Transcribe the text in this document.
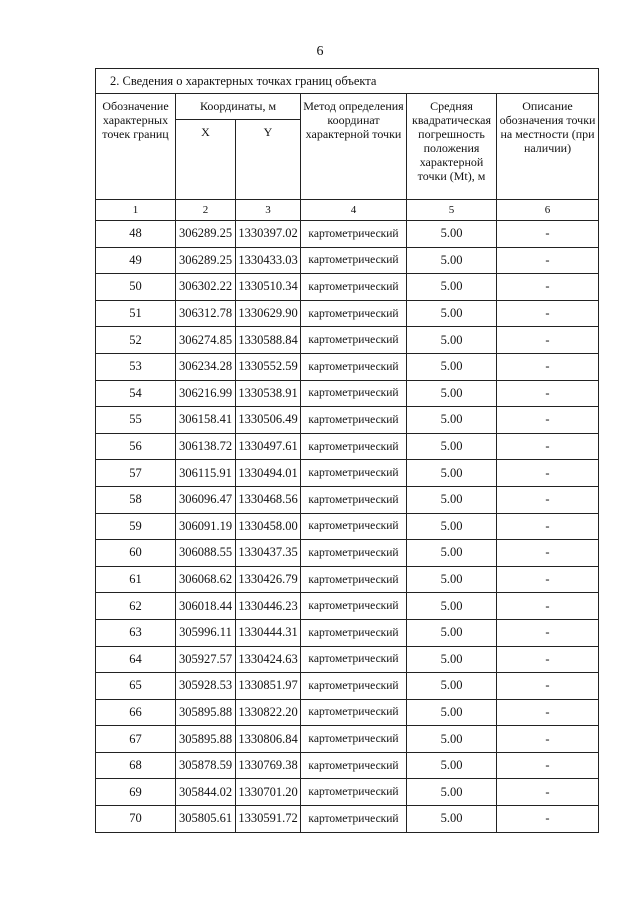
6
2. Сведения о характерных точках границ объекта					
Обозначение характерных точек границ	Координаты, м		Метод определения координат характерной точки	Средняя квадратическая погрешность положения характерной точки (Mt), м	Описание обозначения точки на местности (при наличии)
	X	Y			
1	2	3	4	5	6
48	306289.25	1330397.02	картометрический	5.00	-
49	306289.25	1330433.03	картометрический	5.00	-
50	306302.22	1330510.34	картометрический	5.00	-
51	306312.78	1330629.90	картометрический	5.00	-
52	306274.85	1330588.84	картометрический	5.00	-
53	306234.28	1330552.59	картометрический	5.00	-
54	306216.99	1330538.91	картометрический	5.00	-
55	306158.41	1330506.49	картометрический	5.00	-
56	306138.72	1330497.61	картометрический	5.00	-
57	306115.91	1330494.01	картометрический	5.00	-
58	306096.47	1330468.56	картометрический	5.00	-
59	306091.19	1330458.00	картометрический	5.00	-
60	306088.55	1330437.35	картометрический	5.00	-
61	306068.62	1330426.79	картометрический	5.00	-
62	306018.44	1330446.23	картометрический	5.00	-
63	305996.11	1330444.31	картометрический	5.00	-
64	305927.57	1330424.63	картометрический	5.00	-
65	305928.53	1330851.97	картометрический	5.00	-
66	305895.88	1330822.20	картометрический	5.00	-
67	305895.88	1330806.84	картометрический	5.00	-
68	305878.59	1330769.38	картометрический	5.00	-
69	305844.02	1330701.20	картометрический	5.00	-
70	305805.61	1330591.72	картометрический	5.00	-
